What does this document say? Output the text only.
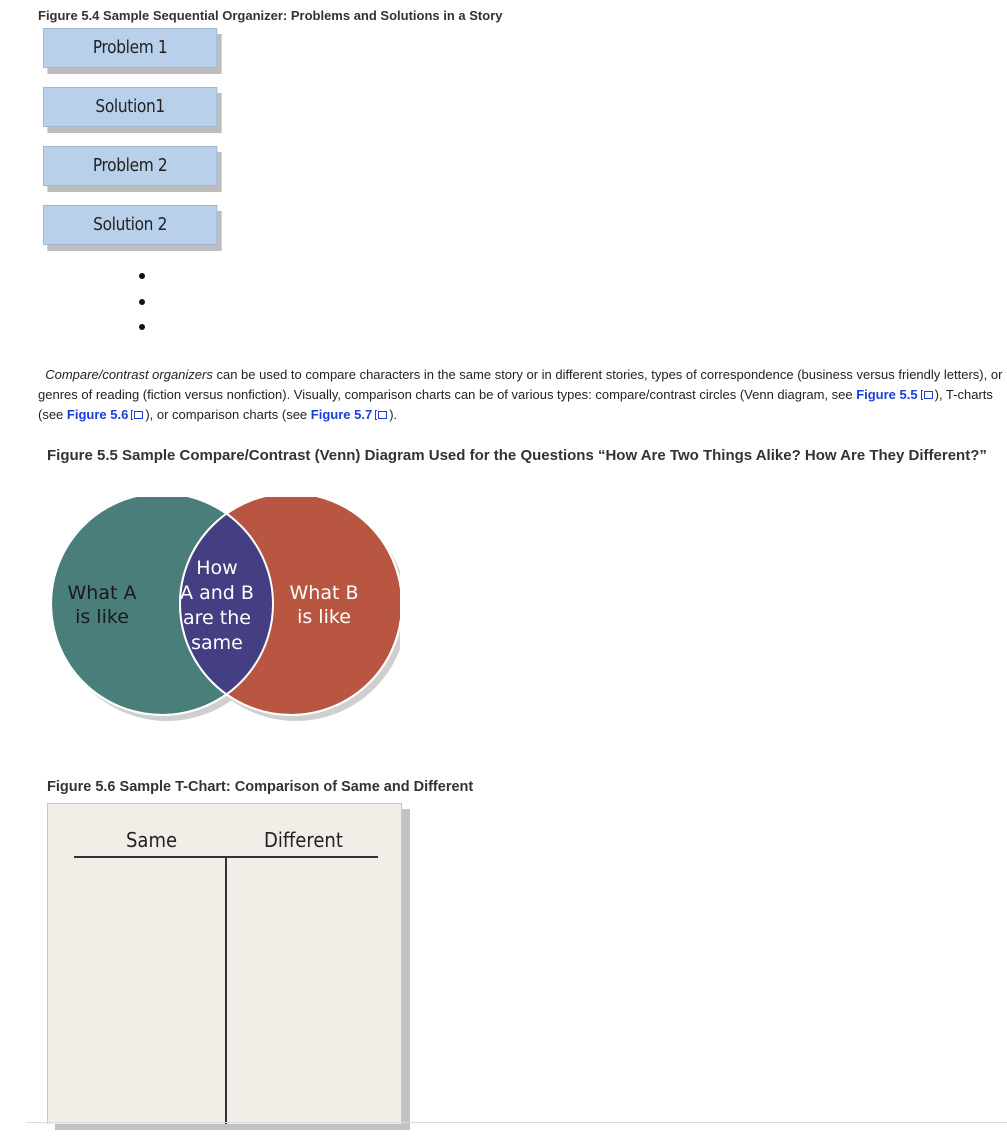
Figure 5.4 Sample Sequential Organizer: Problems and Solutions in a Story
Problem 1
Solution1
Problem 2
Solution 2
Compare/contrast organizers can be used to compare characters in the same story or in different stories, types of correspondence (business versus friendly letters), or genres of reading (fiction versus nonfiction). Visually, comparison charts can be of various types: compare/contrast circles (Venn diagram, see Figure 5.5 ), T-charts (see Figure 5.6 ), or comparison charts (see Figure 5.7 ).
Figure 5.5 Sample Compare/Contrast (Venn) Diagram Used for the Questions “How Are Two Things Alike? How Are They Different?”
What A
is like
How
A and B
are the
same
What B
is like
Figure 5.6 Sample T-Chart: Comparison of Same and Different
Same	Different
